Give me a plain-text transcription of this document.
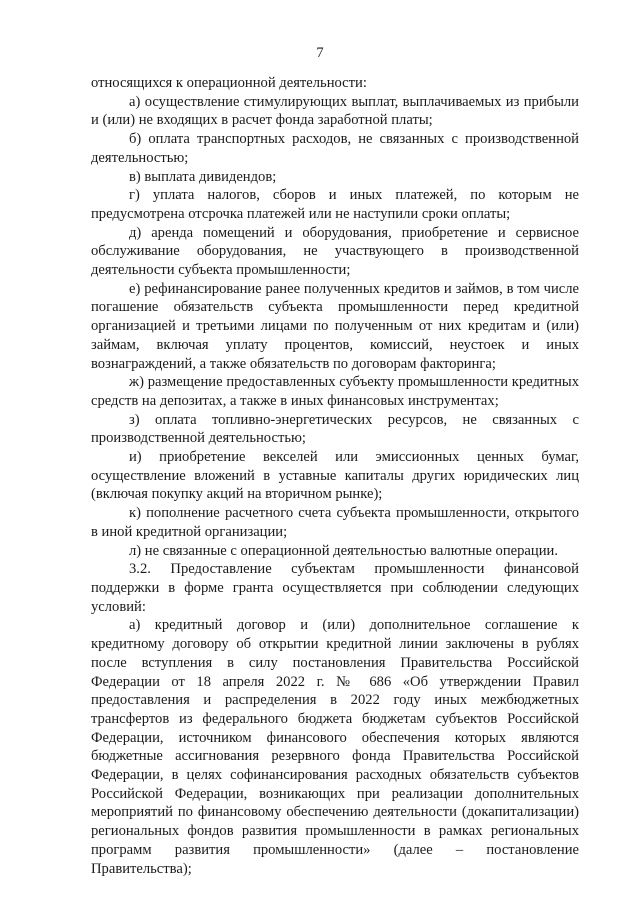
7

относящихся к операционной деятельности:

а) осуществление стимулирующих выплат, выплачиваемых из прибыли и (или) не входящих в расчет фонда заработной платы;

б) оплата транспортных расходов, не связанных с производственной деятельностью;

в) выплата дивидендов;

г) уплата налогов, сборов и иных платежей, по которым не предусмотрена отсрочка платежей или не наступили сроки оплаты;

д) аренда помещений и оборудования, приобретение и сервисное обслуживание оборудования, не участвующего в производственной деятельности субъекта промышленности;

е) рефинансирование ранее полученных кредитов и займов, в том числе погашение обязательств субъекта промышленности перед кредитной организацией и третьими лицами по полученным от них кредитам и (или) займам, включая уплату процентов, комиссий, неустоек и иных вознаграждений, а также обязательств по договорам факторинга;

ж) размещение предоставленных субъекту промышленности кредитных средств на депозитах, а также в иных финансовых инструментах;

з) оплата топливно-энергетических ресурсов, не связанных с производственной деятельностью;

и) приобретение векселей или эмиссионных ценных бумаг, осуществление вложений в уставные капиталы других юридических лиц (включая покупку акций на вторичном рынке);

к) пополнение расчетного счета субъекта промышленности, открытого в иной кредитной организации;

л) не связанные с операционной деятельностью валютные операции.

3.2. Предоставление субъектам промышленности финансовой поддержки в форме гранта осуществляется при соблюдении следующих условий:

а) кредитный договор и (или) дополнительное соглашение к кредитному договору об открытии кредитной линии заключены в рублях после вступления в силу постановления Правительства Российской Федерации от 18 апреля 2022 г. № 686 «Об утверждении Правил предоставления и распределения в 2022 году иных межбюджетных трансфертов из федерального бюджета бюджетам субъектов Российской Федерации, источником финансового обеспечения которых являются бюджетные ассигнования резервного фонда Правительства Российской Федерации, в целях софинансирования расходных обязательств субъектов Российской Федерации, возникающих при реализации дополнительных мероприятий по финансовому обеспечению деятельности (докапитализации) региональных фондов развития промышленности в рамках региональных программ развития промышленности» (далее – постановление Правительства);
